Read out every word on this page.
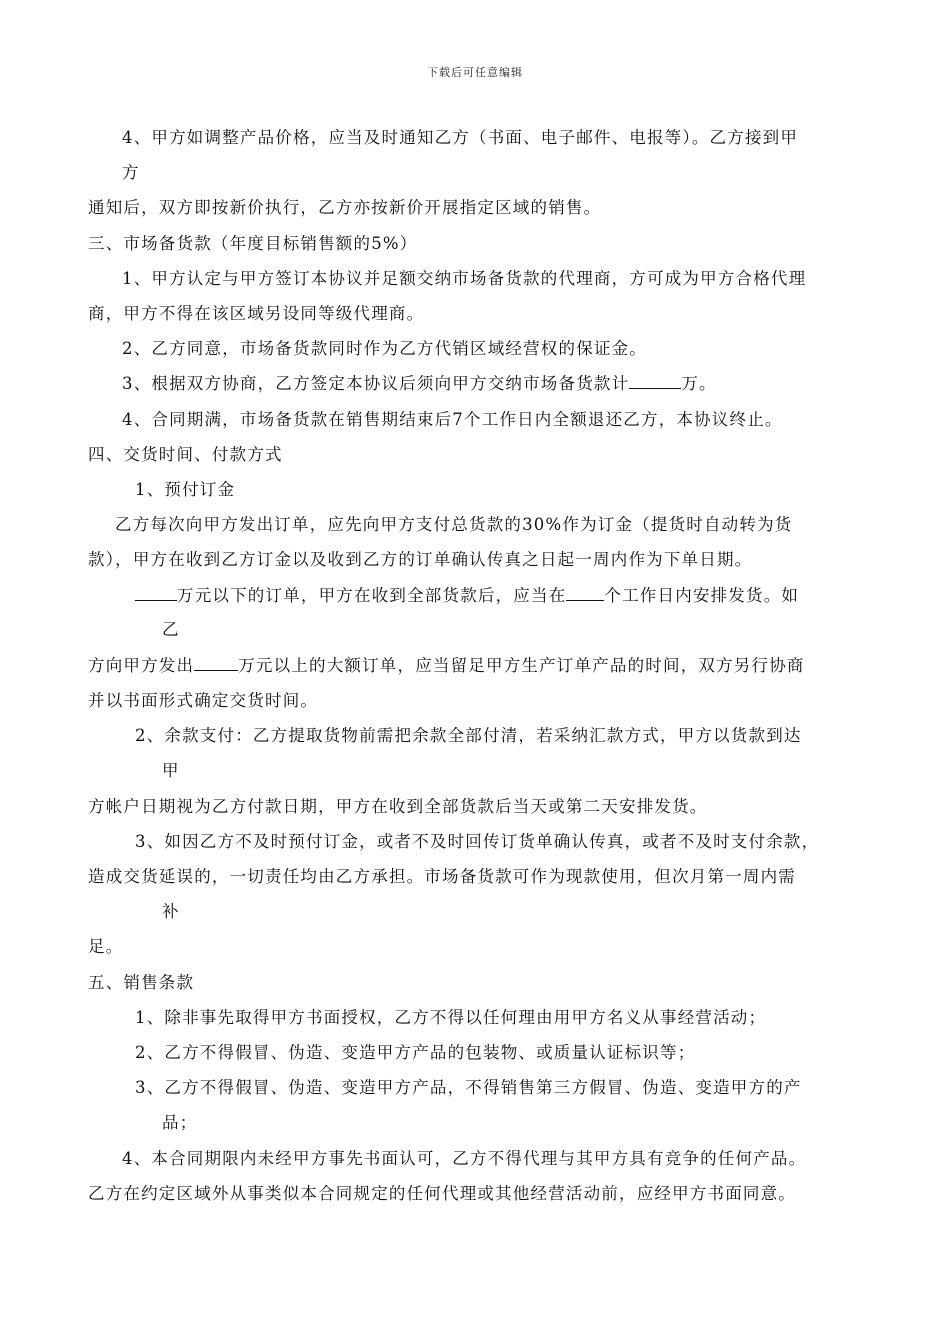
下载后可任意编辑
4、甲方如调整产品价格，应当及时通知乙方（书面、电子邮件、电报等）。乙方接到甲
方
通知后，双方即按新价执行，乙方亦按新价开展指定区域的销售。
三、市场备货款（年度目标销售额的5%）
1、甲方认定与甲方签订本协议并足额交纳市场备货款的代理商，方可成为甲方合格代理
商，甲方不得在该区域另设同等级代理商。
2、乙方同意，市场备货款同时作为乙方代销区域经营权的保证金。
3、根据双方协商，乙方签定本协议后须向甲方交纳市场备货款计	万。
4、合同期满，市场备货款在销售期结束后7个工作日内全额退还乙方，本协议终止。
四、交货时间、付款方式
1、预付订金
乙方每次向甲方发出订单，应先向甲方支付总货款的30%作为订金（提货时自动转为货
款），甲方在收到乙方订金以及收到乙方的订单确认传真之日起一周内作为下单日期。
万元以下的订单，甲方在收到全部货款后，应当在 个工作日内安排发货。如
乙
方向甲方发出	万元以上的大额订单，应当留足甲方生产订单产品的时间，双方另行协商
并以书面形式确定交货时间。
2、余款支付：乙方提取货物前需把余款全部付清，若采纳汇款方式，甲方以货款到达
甲
方帐户日期视为乙方付款日期，甲方在收到全部货款后当天或第二天安排发货。
3、如因乙方不及时预付订金，或者不及时回传订货单确认传真，或者不及时支付余款，
造成交货延误的，一切责任均由乙方承担。市场备货款可作为现款使用，但次月第一周内需
补
足。
五、销售条款
1、除非事先取得甲方书面授权，乙方不得以任何理由用甲方名义从事经营活动；
2、乙方不得假冒、伪造、变造甲方产品的包装物、或质量认证标识等；
3、乙方不得假冒、伪造、变造甲方产品，不得销售第三方假冒、伪造、变造甲方的产
品；
4、本合同期限内未经甲方事先书面认可，乙方不得代理与其甲方具有竞争的任何产品。
乙方在约定区域外从事类似本合同规定的任何代理或其他经营活动前，应经甲方书面同意。
